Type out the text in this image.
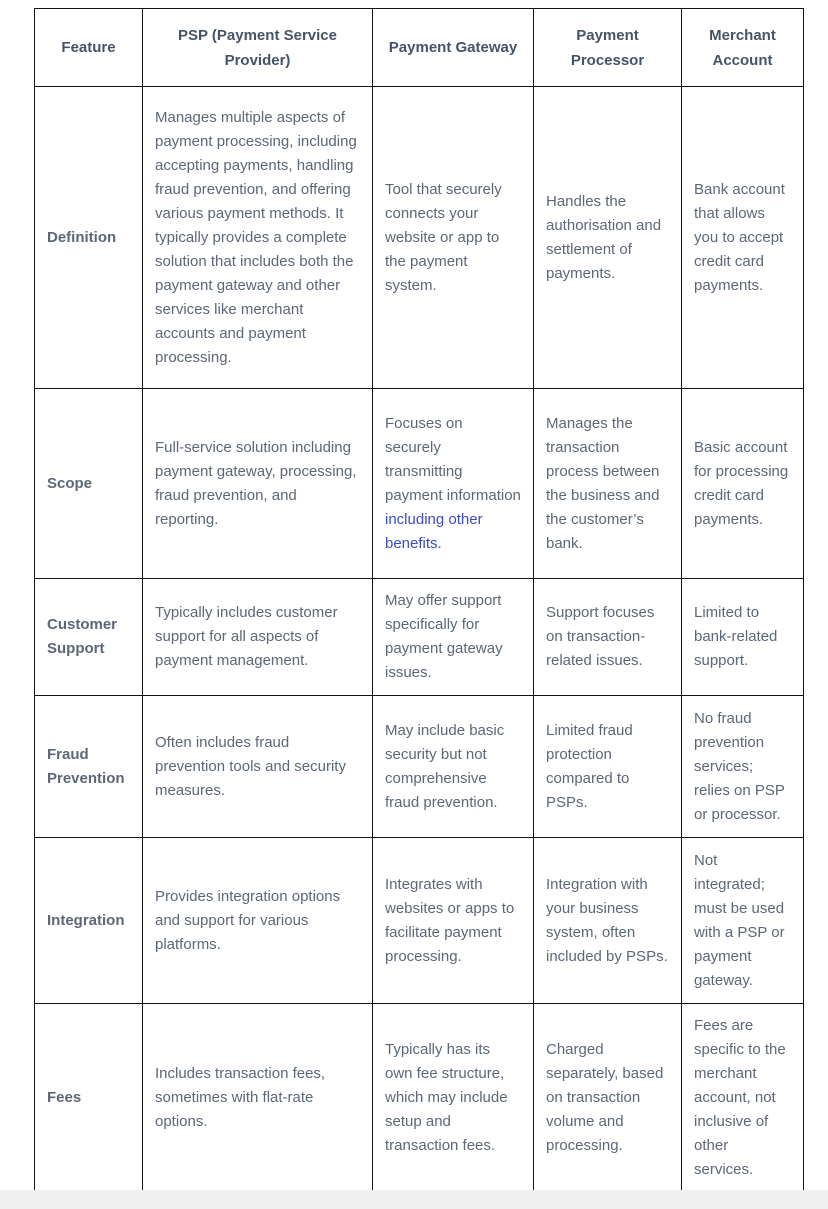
Feature	PSP (Payment Service Provider)	Payment Gateway	Payment Processor	Merchant Account
Definition	Manages multiple aspects of payment processing, including accepting payments, handling fraud prevention, and offering various payment methods. It typically provides a complete solution that includes both the payment gateway and other services like merchant accounts and payment processing.	Tool that securely connects your website or app to the payment system.	Handles the authorisation and settlement of payments.	Bank account that allows you to accept credit card payments.
Scope	Full-service solution including payment gateway, processing, fraud prevention, and reporting.	Focuses on securely transmitting payment information including other benefits.	Manages the transaction process between the business and the customer’s bank.	Basic account for processing credit card payments.
Customer Support	Typically includes customer support for all aspects of payment management.	May offer support specifically for payment gateway issues.	Support focuses on transaction-related issues.	Limited to bank-related support.
Fraud Prevention	Often includes fraud prevention tools and security measures.	May include basic security but not comprehensive fraud prevention.	Limited fraud protection compared to PSPs.	No fraud prevention services; relies on PSP or processor.
Integration	Provides integration options and support for various platforms.	Integrates with websites or apps to facilitate payment processing.	Integration with your business system, often included by PSPs.	Not integrated; must be used with a PSP or payment gateway.
Fees	Includes transaction fees, sometimes with flat-rate options.	Typically has its own fee structure, which may include setup and transaction fees.	Charged separately, based on transaction volume and processing.	Fees are specific to the merchant account, not inclusive of other services.
